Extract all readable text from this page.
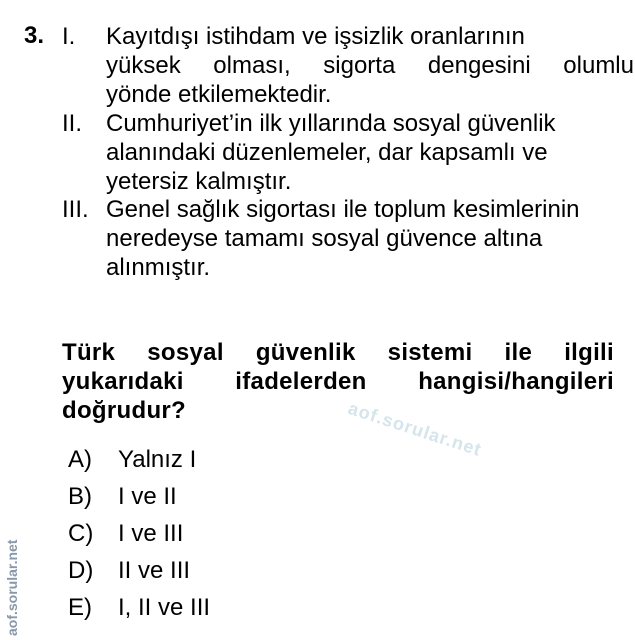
3. I. Kayıtdışı istihdam ve işsizlik oranlarının
yüksek olması, sigorta dengesini olumlu
yönde etkilemektedir.
II. Cumhuriyet’in ilk yıllarında sosyal güvenlik
alanındaki düzenlemeler, dar kapsamlı ve
yetersiz kalmıştır.
III. Genel sağlık sigortası ile toplum kesimlerinin
neredeyse tamamı sosyal güvence altına
alınmıştır.
Türk sosyal güvenlik sistemi ile ilgili
yukarıdaki ifadelerden hangisi/hangileri
doğrudur?	aof.sorular.net
A) Yalnız I
B) I ve II
C) I ve III
D) II ve III
E) I, II ve III
aof.sorular.net
